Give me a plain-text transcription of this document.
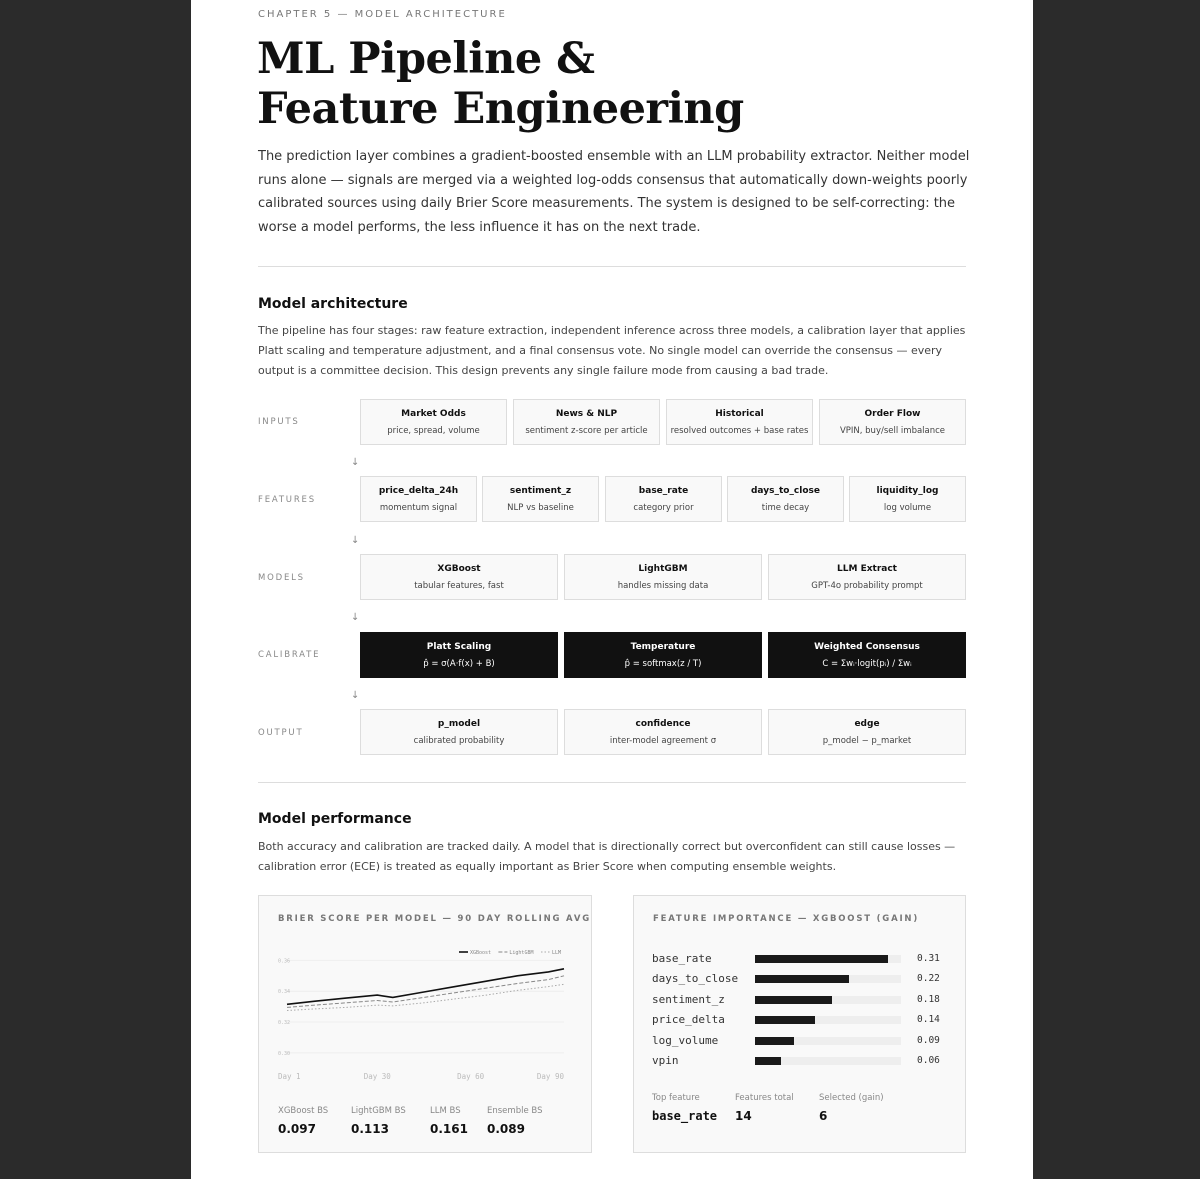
CHAPTER 5 — MODEL ARCHITECTURE
ML Pipeline &
Feature Engineering
The prediction layer combines a gradient-boosted ensemble with an LLM probability extractor. Neither model runs alone — signals are merged via a weighted log-odds consensus that automatically down-weights poorly calibrated sources using daily Brier Score measurements. The system is designed to be self-correcting: the worse a model performs, the less influence it has on the next trade.
Model architecture
The pipeline has four stages: raw feature extraction, independent inference across three models, a calibration layer that applies Platt scaling and temperature adjustment, and a final consensus vote. No single model can override the consensus — every output is a committee decision. This design prevents any single failure mode from causing a bad trade.
INPUTS
Market Odds
price, spread, volume
News & NLP
sentiment z-score per article
Historical
resolved outcomes + base rates
Order Flow
VPIN, buy/sell imbalance
↓
FEATURES
price_delta_24h
momentum signal
sentiment_z
NLP vs baseline
base_rate
category prior
days_to_close
time decay
liquidity_log
log volume
↓
MODELS
XGBoost
tabular features, fast
LightGBM
handles missing data
LLM Extract
GPT-4o probability prompt
↓
CALIBRATE
Platt Scaling
p̂ = σ(A·f(x) + B)
Temperature
p̂ = softmax(z / T)
Weighted Consensus
C = Σwᵢ·logit(pᵢ) / Σwᵢ
↓
OUTPUT
p_model
calibrated probability
confidence
inter-model agreement σ
edge
p_model − p_market
Model performance
Both accuracy and calibration are tracked daily. A model that is directionally correct but overconfident can still cause losses — calibration error (ECE) is treated as equally important as Brier Score when computing ensemble weights.
BRIER SCORE PER MODEL — 90 DAY ROLLING AVG
0.30
0.32
0.34
0.36
Day 1	Day 30	Day 60	Day 90
XGBoost	LightGBM	LLM
XGBoost BS
0.097
LightGBM BS
0.113
LLM BS
0.161
Ensemble BS
0.089
FEATURE IMPORTANCE — XGBOOST (GAIN)
base_rate	0.31
days_to_close	0.22
sentiment_z	0.18
price_delta	0.14
log_volume	0.09
vpin	0.06
Top feature
base_rate
Features total
14
Selected (gain)
6
